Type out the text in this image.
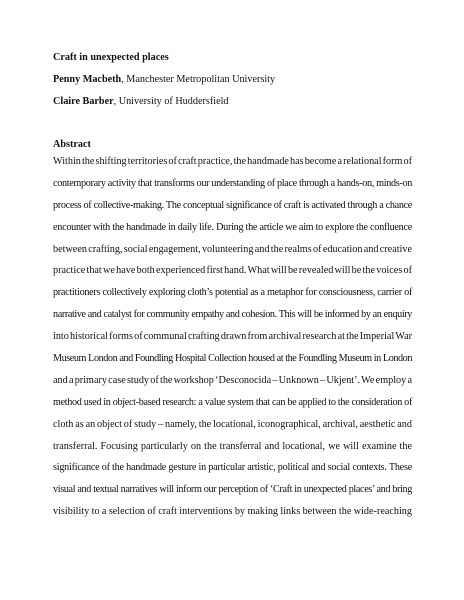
Craft in unexpected places
Penny Macbeth, Manchester Metropolitan University
Claire Barber, University of Huddersfield
Abstract
Within the shifting territories of craft practice, the handmade has become a relational form of
contemporary activity that transforms our understanding of place through a hands-on, minds-on
process of collective-making. The conceptual significance of craft is activated through a chance
encounter with the handmade in daily life. During the article we aim to explore the confluence
between crafting, social engagement, volunteering and the realms of education and creative
practice that we have both experienced first hand. What will be revealed will be the voices of
practitioners collectively exploring cloth’s potential as a metaphor for consciousness, carrier of
narrative and catalyst for community empathy and cohesion. This will be informed by an enquiry
into historical forms of communal crafting drawn from archival research at the Imperial War
Museum London and Foundling Hospital Collection housed at the Foundling Museum in London
and a primary case study of the workshop ‘Desconocida – Unknown – Ukjent’. We employ a
method used in object-based research: a value system that can be applied to the consideration of
cloth as an object of study – namely, the locational, iconographical, archival, aesthetic and
transferral. Focusing particularly on the transferral and locational, we will examine the
significance of the handmade gesture in particular artistic, political and social contexts. These
visual and textual narratives will inform our perception of ‘Craft in unexpected places’ and bring
visibility to a selection of craft interventions by making links between the wide-reaching
